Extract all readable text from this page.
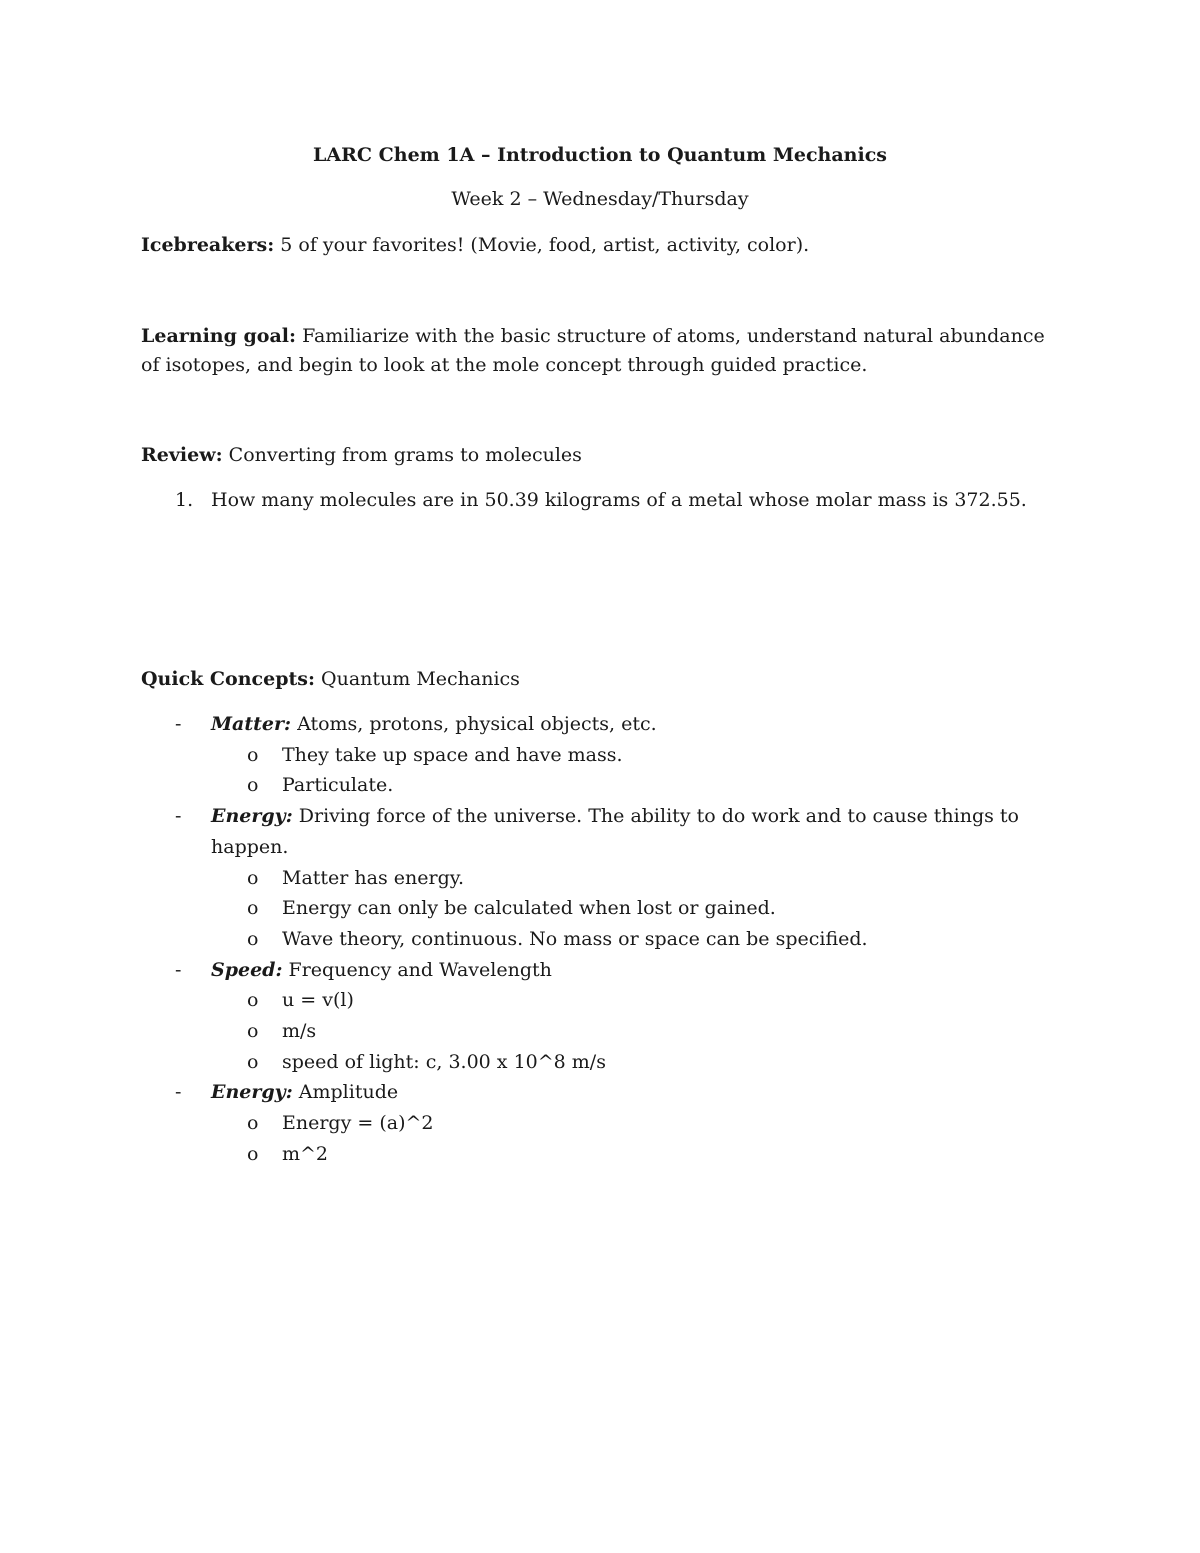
LARC Chem 1A – Introduction to Quantum Mechanics
Week 2 – Wednesday/Thursday
Icebreakers: 5 of your favorites! (Movie, food, artist, activity, color).
Learning goal: Familiarize with the basic structure of atoms, understand natural abundance of isotopes, and begin to look at the mole concept through guided practice.
Review: Converting from grams to molecules
1. How many molecules are in 50.39 kilograms of a metal whose molar mass is 372.55.
Quick Concepts: Quantum Mechanics
- Matter: Atoms, protons, physical objects, etc.
o They take up space and have mass.
o Particulate.
- Energy: Driving force of the universe. The ability to do work and to cause things to happen.
o Matter has energy.
o Energy can only be calculated when lost or gained.
o Wave theory, continuous. No mass or space can be specified.
- Speed: Frequency and Wavelength
o u = v(l)
o m/s
o speed of light: c, 3.00 x 10^8 m/s
- Energy: Amplitude
o Energy = (a)^2
o m^2
